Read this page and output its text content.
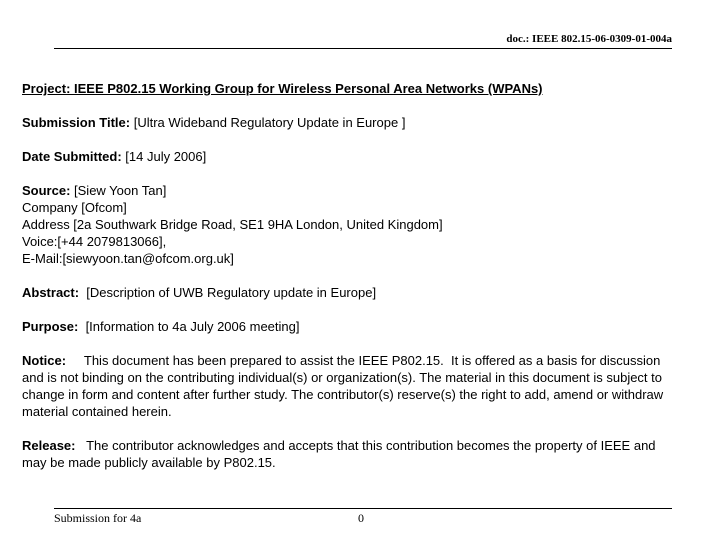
doc.: IEEE 802.15-06-0309-01-004a
Project: IEEE P802.15 Working Group for Wireless Personal Area Networks (WPANs)
Submission Title: [Ultra Wideband Regulatory Update in Europe ]
Date Submitted: [14 July 2006]
Source: [Siew Yoon Tan]
Company [Ofcom]
Address [2a Southwark Bridge Road, SE1 9HA London, United Kingdom]
Voice:[+44 2079813066],
E-Mail:[siewyoon.tan@ofcom.org.uk]
Abstract:  [Description of UWB Regulatory update in Europe]
Purpose:  [Information to 4a July 2006 meeting]
Notice:     This document has been prepared to assist the IEEE P802.15.  It is offered as a basis for discussion and is not binding on the contributing individual(s) or organization(s). The material in this document is subject to change in form and content after further study. The contributor(s) reserve(s) the right to add, amend or withdraw material contained herein.
Release:   The contributor acknowledges and accepts that this contribution becomes the property of IEEE and may be made publicly available by P802.15.
Submission for 4a	0
